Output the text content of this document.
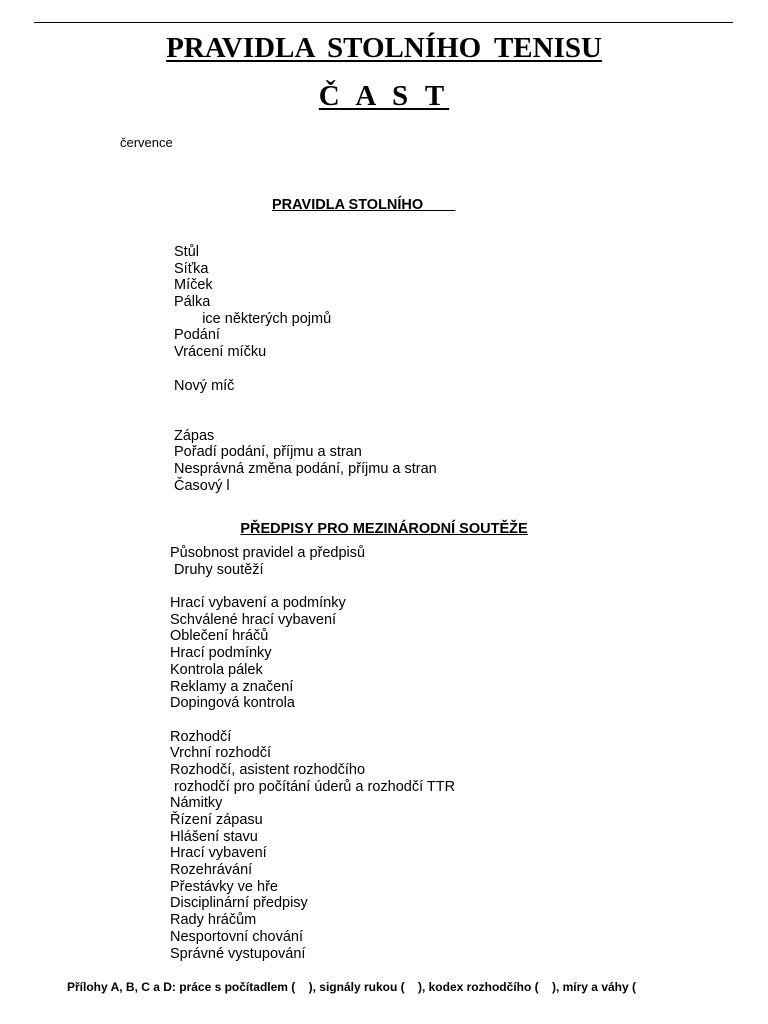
PRAVIDLA STOLNÍHO TENISU
Č A S T
července
PRAVIDLA STOLNÍHO
Stůl
Síťka
Míček
Pálka
ice některých pojmů
Podání
Vrácení míčku
Nový míč
Zápas
Pořadí podání, příjmu a stran
Nesprávná změna podání, příjmu a stran
Časový l
PŘEDPISY PRO MEZINÁRODNÍ SOUTĚŽE
Působnost pravidel a předpisů
Druhy soutěží
Hrací vybavení a podmínky
Schválené hrací vybavení
Oblečení hráčů
Hrací podmínky
Kontrola pálek
Reklamy a značení
Dopingová kontrola
Rozhodčí
Vrchní rozhodčí
Rozhodčí, asistent rozhodčího
rozhodčí pro počítání úderů a rozhodčí TTR
Námitky
Řízení zápasu
Hlášení stavu
Hrací vybavení
Rozehrávání
Přestávky ve hře
Disciplinární předpisy
Rady hráčům
Nesportovní chování
Správné vystupování
Přílohy A, B, C a D: práce s počítadlem (    ), signály rukou (    ), kodex rozhodčího (    ), míry a váhy (
